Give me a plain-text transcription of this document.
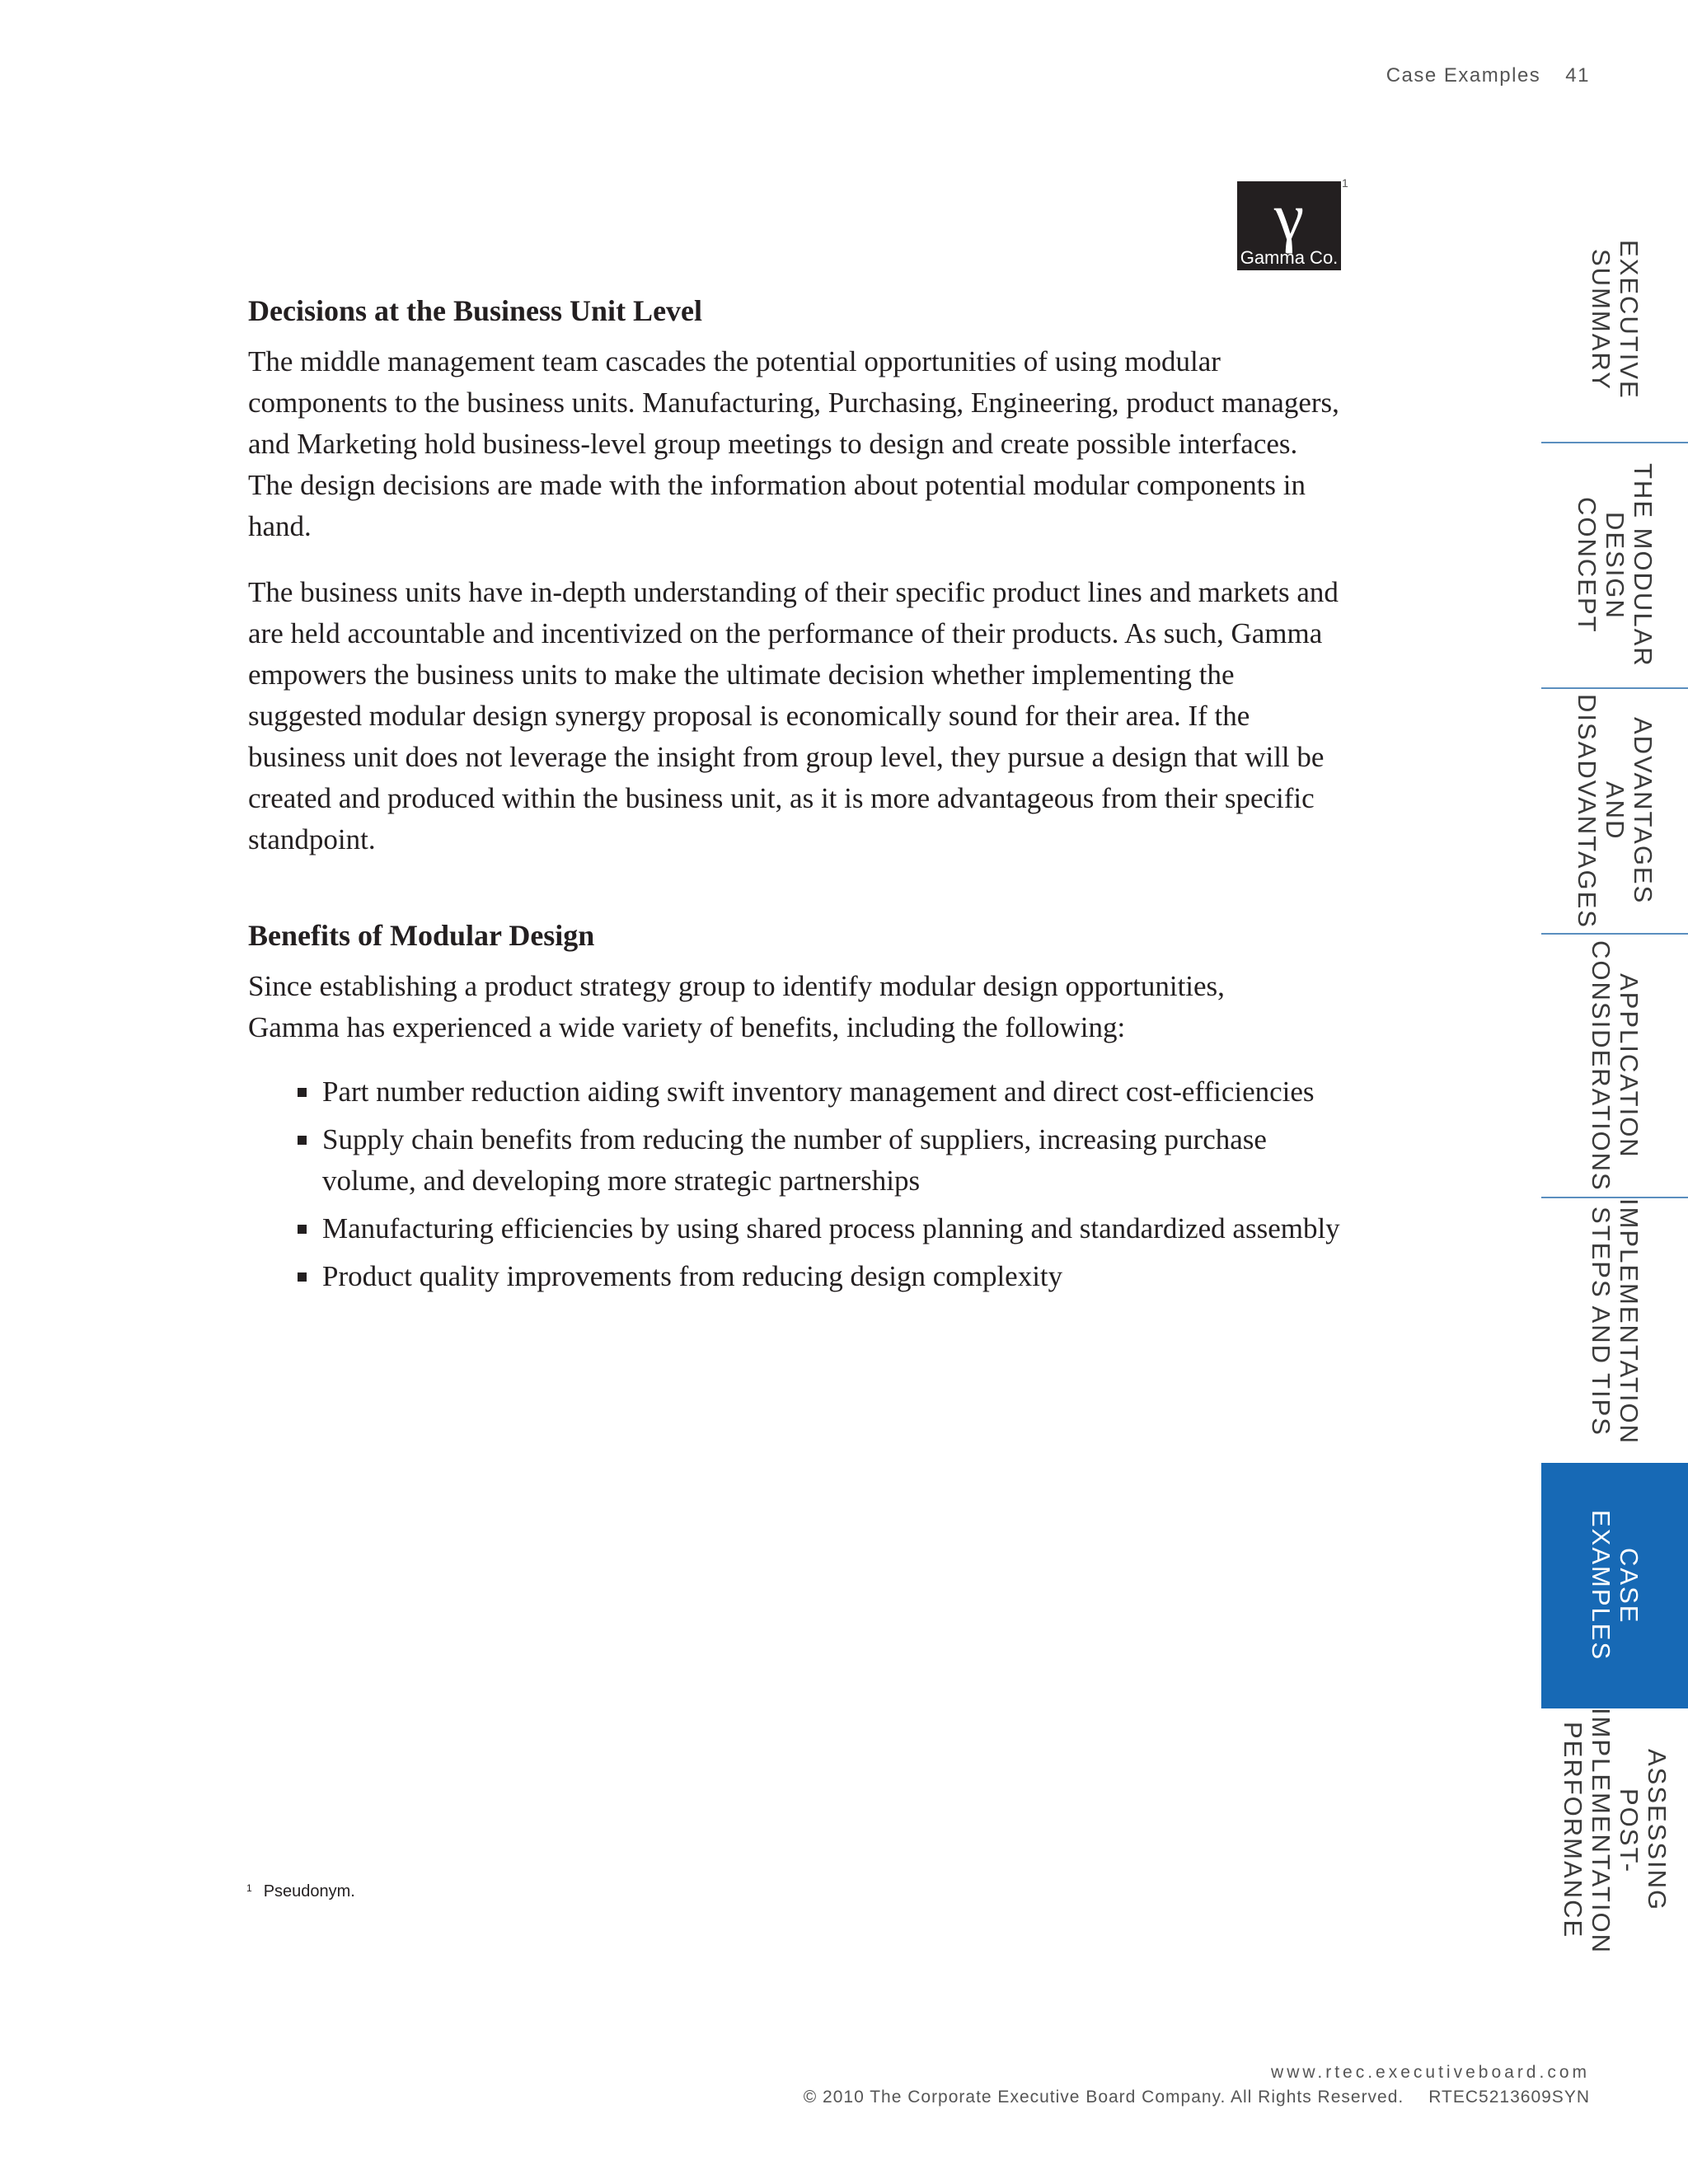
Case Examples 41
γ
Gamma Co.
1
Decisions at the Business Unit Level

The middle management team cascades the potential opportunities of using modular components to the business units. Manufacturing, Purchasing, Engineering, product managers, and Marketing hold business-level group meetings to design and create possible interfaces. The design decisions are made with the information about potential modular components in hand.

The business units have in-depth understanding of their specific product lines and markets and are held accountable and incentivized on the performance of their products. As such, Gamma empowers the business units to make the ultimate decision whether implementing the suggested modular design synergy proposal is economically sound for their area. If the business unit does not leverage the insight from group level, they pursue a design that will be created and produced within the business unit, as it is more advantageous from their specific standpoint.

Benefits of Modular Design

Since establishing a product strategy group to identify modular design opportunities, Gamma has experienced a wide variety of benefits, including the following:

Part number reduction aiding swift inventory management and direct cost-efficiencies
Supply chain benefits from reducing the number of suppliers, increasing purchase volume, and developing more strategic partnerships
Manufacturing efficiencies by using shared process planning and standardized assembly
Product quality improvements from reducing design complexity
$^1$ Pseudonym.
www.rtec.executiveboard.com
© 2010 The Corporate Executive Board Company. All Rights Reserved. RTEC5213609SYN
EXECUTIVE
SUMMARY
THE MODULAR
DESIGN CONCEPT
ADVANTAGES
AND
DISADVANTAGES
APPLICATION
CONSIDERATIONS
IMPLEMENTATION
STEPS AND TIPS
CASE
EXAMPLES
ASSESSING POST-
IMPLEMENTATION
PERFORMANCE
